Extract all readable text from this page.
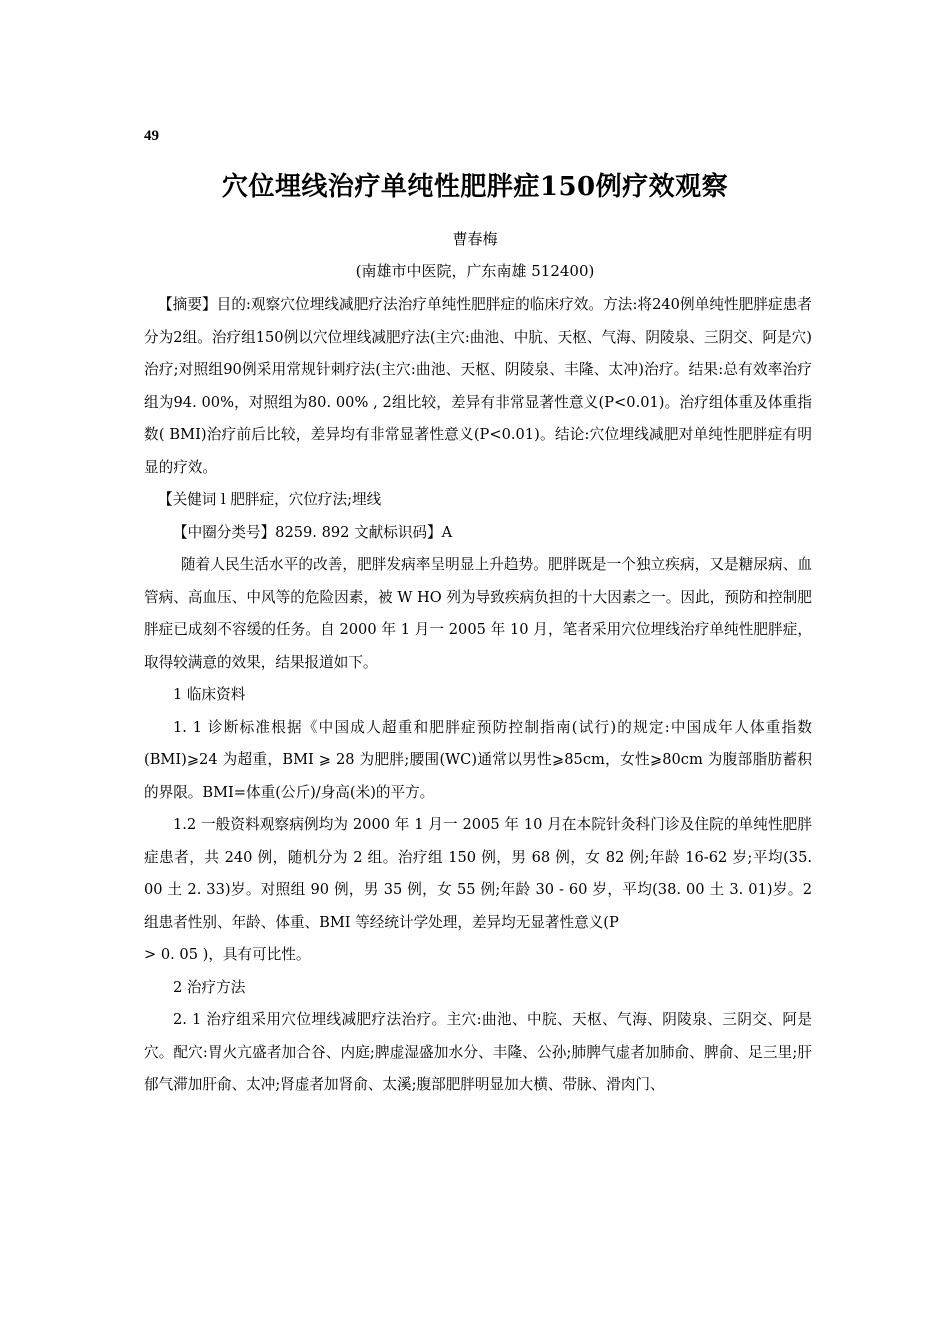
49
穴位埋线治疗单纯性肥胖症150例疗效观察
曹春梅
(南雄市中医院，广东南雄 512400)

【摘要】目的:观察穴位埋线减肥疗法治疗单纯性肥胖症的临床疗效。方法:将240例单纯性肥胖症患者分为2组。治疗组150例以穴位埋线减肥疗法(主穴:曲池、中肮、天枢、气海、阴陵泉、三阴交、阿是穴)治疗;对照组90例采用常规针刺疗法(主穴:曲池、天枢、阴陵泉、丰隆、太冲)治疗。结果:总有效率治疗组为94. 00%，对照组为80. 00% , 2组比较，差异有非常显著性意义(P<0.01)。治疗组体重及体重指数( BMI)治疗前后比较，差异均有非常显著性意义(P<0.01)。结论:穴位埋线减肥对单纯性肥胖症有明显的疗效。

【关健词 l 肥胖症，穴位疗法;埋线

【中圈分类号】8259. 892 文献标识码】A

随着人民生活水平的改善，肥胖发病率呈明显上升趋势。肥胖既是一个独立疾病，又是糖尿病、血管病、高血压、中风等的危险因素，被 W HO 列为导致疾病负担的十大因素之一。因此，预防和控制肥胖症已成刻不容缓的任务。自 2000 年 1 月一 2005 年 10 月，笔者采用穴位埋线治疗单纯性肥胖症，取得较满意的效果，结果报道如下。

1 临床资料

1. 1 诊断标准根据《中国成人超重和肥胖症预防控制指南(试行)的规定:中国成年人体重指数(BMI)⩾24 为超重，BMI ⩾ 28 为肥胖;腰围(WC)通常以男性⩾85cm，女性⩾80cm 为腹部脂肪蓄积的界限。BMI=体重(公斤)/身高(米)的平方。

1.2 一般资料观察病例均为 2000 年 1 月一 2005 年 10 月在本院针灸科门诊及住院的单纯性肥胖症患者，共 240 例，随机分为 2 组。治疗组 150 例，男 68 例，女 82 例;年龄 16-62 岁;平均(35. 00 土 2. 33)岁。对照组 90 例，男 35 例，女 55 例;年龄 30 - 60 岁，平均(38. 00 土 3. 01)岁。2 组患者性别、年龄、体重、BMI 等经统计学处理，差异均无显著性意义(P

> 0. 05 )，具有可比性。

2 治疗方法

2. 1 治疗组采用穴位埋线减肥疗法治疗。主穴:曲池、中脘、天枢、气海、阴陵泉、三阴交、阿是穴。配穴:胃火亢盛者加合谷、内庭;脾虚湿盛加水分、丰隆、公孙;肺脾气虚者加肺俞、脾俞、足三里;肝郁气滞加肝俞、太冲;肾虚者加肾俞、太溪;腹部肥胖明显加大横、带脉、滑肉门、
